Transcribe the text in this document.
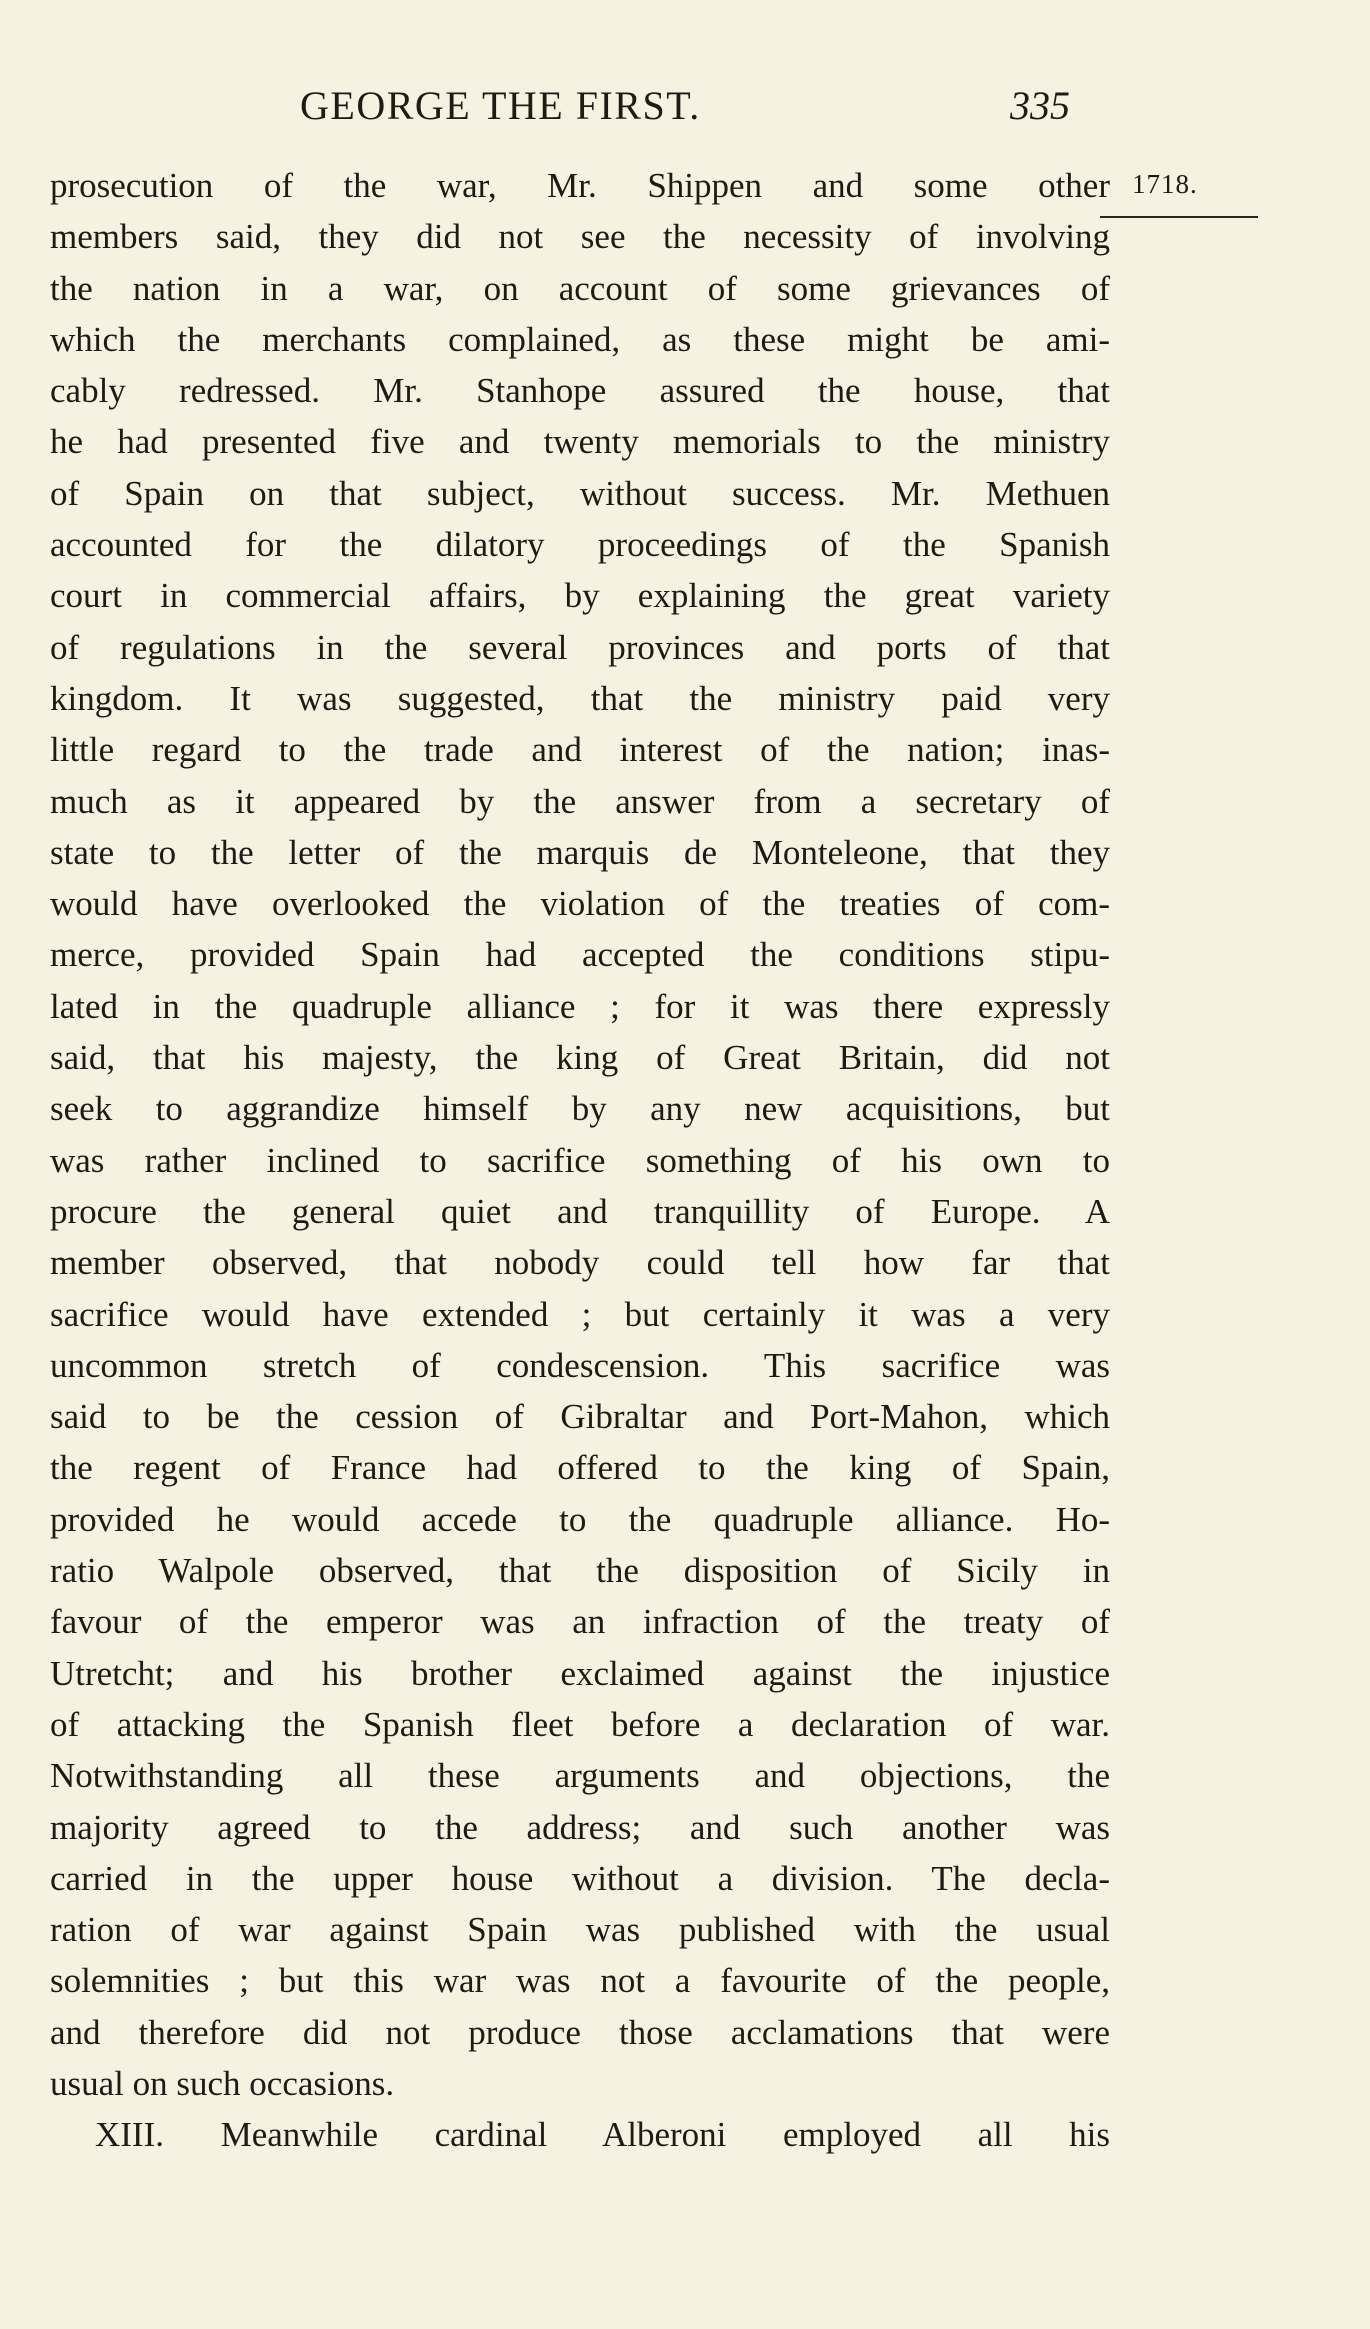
GEORGE THE FIRST.	335
1718.
prosecution of the war, Mr. Shippen and some other
members said, they did not see the necessity of involving
the nation in a war, on account of some grievances of
which the merchants complained, as these might be ami-
cably redressed. Mr. Stanhope assured the house, that
he had presented five and twenty memorials to the ministry
of Spain on that subject, without success. Mr. Methuen
accounted for the dilatory proceedings of the Spanish
court in commercial affairs, by explaining the great variety
of regulations in the several provinces and ports of that
kingdom. It was suggested, that the ministry paid very
little regard to the trade and interest of the nation; inas-
much as it appeared by the answer from a secretary of
state to the letter of the marquis de Monteleone, that they
would have overlooked the violation of the treaties of com-
merce, provided Spain had accepted the conditions stipu-
lated in the quadruple alliance ; for it was there expressly
said, that his majesty, the king of Great Britain, did not
seek to aggrandize himself by any new acquisitions, but
was rather inclined to sacrifice something of his own to
procure the general quiet and tranquillity of Europe. A
member observed, that nobody could tell how far that
sacrifice would have extended ; but certainly it was a very
uncommon stretch of condescension. This sacrifice was
said to be the cession of Gibraltar and Port-Mahon, which
the regent of France had offered to the king of Spain,
provided he would accede to the quadruple alliance. Ho-
ratio Walpole observed, that the disposition of Sicily in
favour of the emperor was an infraction of the treaty of
Utretcht; and his brother exclaimed against the injustice
of attacking the Spanish fleet before a declaration of war.
Notwithstanding all these arguments and objections, the
majority agreed to the address; and such another was
carried in the upper house without a division. The decla-
ration of war against Spain was published with the usual
solemnities ; but this war was not a favourite of the people,
and therefore did not produce those acclamations that were
usual on such occasions.
XIII. Meanwhile cardinal Alberoni employed all his
